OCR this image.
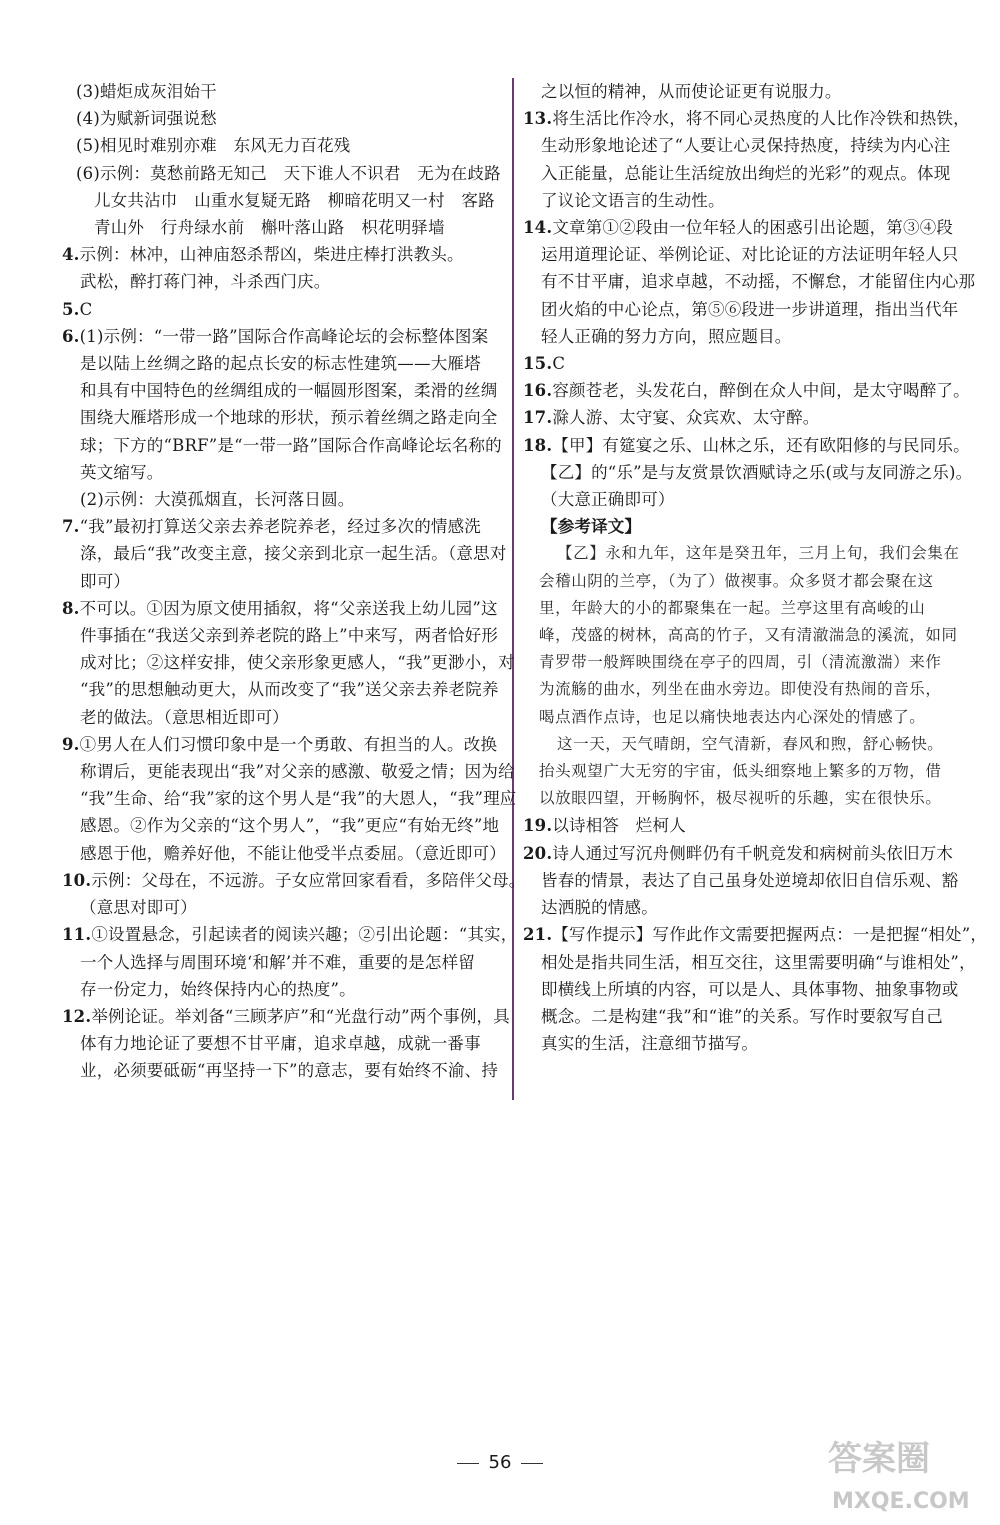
(3)蜡炬成灰泪始干
(4)为赋新词强说愁
(5)相见时难别亦难　东风无力百花残
(6)示例：莫愁前路无知己　天下谁人不识君　无为在歧路
儿女共沾巾　山重水复疑无路　柳暗花明又一村　客路
青山外　行舟绿水前　槲叶落山路　枳花明驿墙
4.示例：林冲，山神庙怒杀帮凶，柴进庄棒打洪教头。
武松，醉打蒋门神，斗杀西门庆。
5.C
6.(1)示例：“一带一路”国际合作高峰论坛的会标整体图案
是以陆上丝绸之路的起点长安的标志性建筑——大雁塔
和具有中国特色的丝绸组成的一幅圆形图案，柔滑的丝绸
围绕大雁塔形成一个地球的形状，预示着丝绸之路走向全
球；下方的“BRF”是“一带一路”国际合作高峰论坛名称的
英文缩写。
(2)示例：大漠孤烟直，长河落日圆。
7.“我”最初打算送父亲去养老院养老，经过多次的情感洗
涤，最后“我”改变主意，接父亲到北京一起生活。（意思对
即可）
8.不可以。①因为原文使用插叙，将“父亲送我上幼儿园”这
件事插在“我送父亲到养老院的路上”中来写，两者恰好形
成对比；②这样安排，使父亲形象更感人，“我”更渺小，对
“我”的思想触动更大，从而改变了“我”送父亲去养老院养
老的做法。（意思相近即可）
9.①男人在人们习惯印象中是一个勇敢、有担当的人。改换
称谓后，更能表现出“我”对父亲的感激、敬爱之情；因为给
“我”生命、给“我”家的这个男人是“我”的大恩人，“我”理应
感恩。②作为父亲的“这个男人”，“我”更应“有始无终”地
感恩于他，赡养好他，不能让他受半点委屈。（意近即可）
10.示例：父母在，不远游。子女应常回家看看，多陪伴父母。
（意思对即可）
11.①设置悬念，引起读者的阅读兴趣；②引出论题：“其实，
一个人选择与周围环境‘和解’并不难，重要的是怎样留
存一份定力，始终保持内心的热度”。
12.举例论证。举刘备“三顾茅庐”和“光盘行动”两个事例，具
体有力地论证了要想不甘平庸，追求卓越，成就一番事
业，必须要砥砺“再坚持一下”的意志，要有始终不渝、持
之以恒的精神，从而使论证更有说服力。
13.将生活比作冷水，将不同心灵热度的人比作冷铁和热铁，
生动形象地论述了“人要让心灵保持热度，持续为内心注
入正能量，总能让生活绽放出绚烂的光彩”的观点。体现
了议论文语言的生动性。
14.文章第①②段由一位年轻人的困惑引出论题，第③④段
运用道理论证、举例论证、对比论证的方法证明年轻人只
有不甘平庸，追求卓越，不动摇，不懈怠，才能留住内心那
团火焰的中心论点，第⑤⑥段进一步讲道理，指出当代年
轻人正确的努力方向，照应题目。
15.C
16.容颜苍老，头发花白，醉倒在众人中间，是太守喝醉了。
17.滁人游、太守宴、众宾欢、太守醉。
18.【甲】有筵宴之乐、山林之乐，还有欧阳修的与民同乐。
【乙】的“乐”是与友赏景饮酒赋诗之乐(或与友同游之乐)。
（大意正确即可）
【参考译文】
【乙】永和九年，这年是癸丑年，三月上旬，我们会集在
会稽山阴的兰亭，（为了）做禊事。众多贤才都会聚在这
里，年龄大的小的都聚集在一起。兰亭这里有高峻的山
峰，茂盛的树林，高高的竹子，又有清澈湍急的溪流，如同
青罗带一般辉映围绕在亭子的四周，引（清流激湍）来作
为流觞的曲水，列坐在曲水旁边。即使没有热闹的音乐，
喝点酒作点诗，也足以痛快地表达内心深处的情感了。
这一天，天气晴朗，空气清新，春风和煦，舒心畅快。
抬头观望广大无穷的宇宙，低头细察地上繁多的万物，借
以放眼四望，开畅胸怀，极尽视听的乐趣，实在很快乐。
19.以诗相答　烂柯人
20.诗人通过写沉舟侧畔仍有千帆竞发和病树前头依旧万木
皆春的情景，表达了自己虽身处逆境却依旧自信乐观、豁
达洒脱的情感。
21.【写作提示】写作此作文需要把握两点：一是把握“相处”，
相处是指共同生活，相互交往，这里需要明确“与谁相处”，
即横线上所填的内容，可以是人、具体事物、抽象事物或
概念。二是构建“我”和“谁”的关系。写作时要叙写自己
真实的生活，注意细节描写。
56	答案圈
MXQE.COM
